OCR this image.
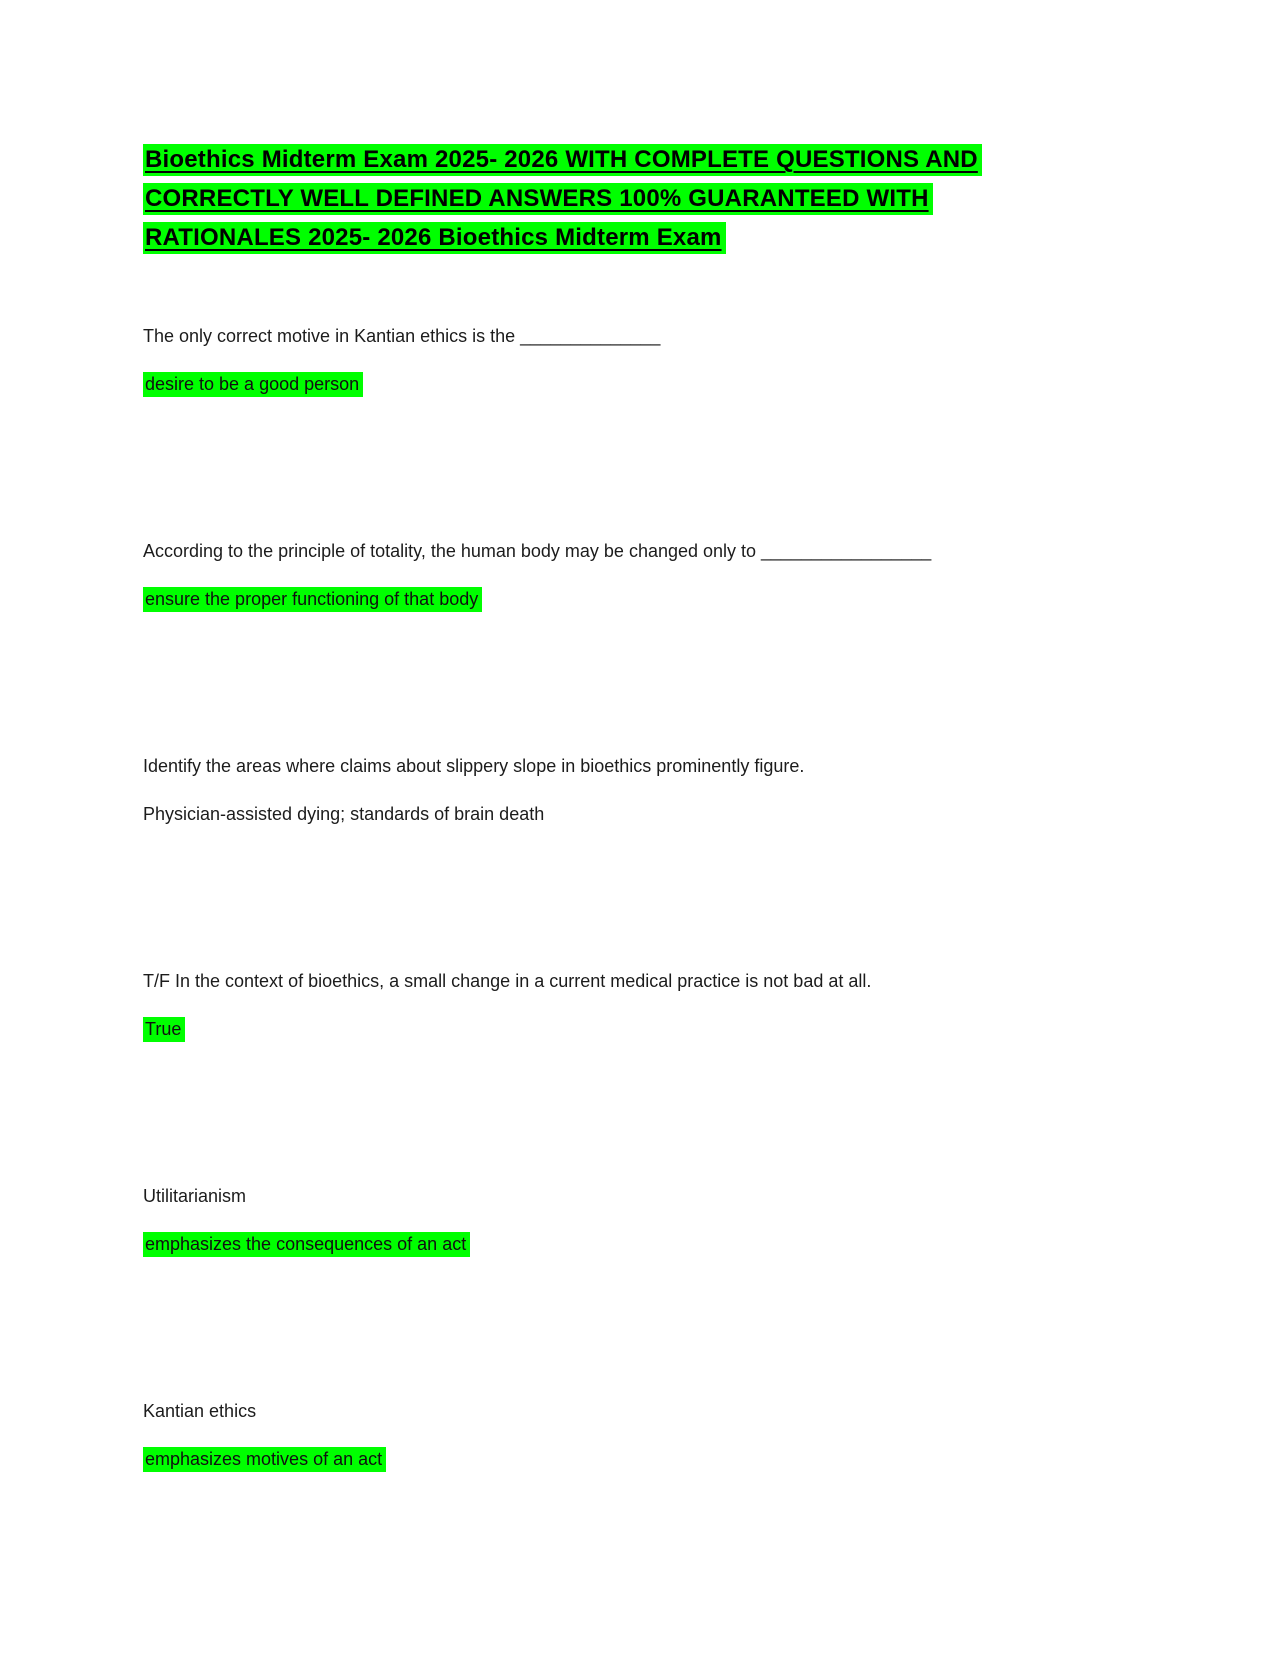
Bioethics Midterm Exam 2025- 2026 WITH COMPLETE QUESTIONS AND
CORRECTLY WELL DEFINED ANSWERS 100% GUARANTEED WITH
RATIONALES 2025- 2026 Bioethics Midterm Exam

The only correct motive in Kantian ethics is the ______________

desire to be a good person

According to the principle of totality, the human body may be changed only to _________________

ensure the proper functioning of that body

Identify the areas where claims about slippery slope in bioethics prominently figure.

Physician-assisted dying; standards of brain death

T/F In the context of bioethics, a small change in a current medical practice is not bad at all.

True

Utilitarianism

emphasizes the consequences of an act

Kantian ethics

emphasizes motives of an act
